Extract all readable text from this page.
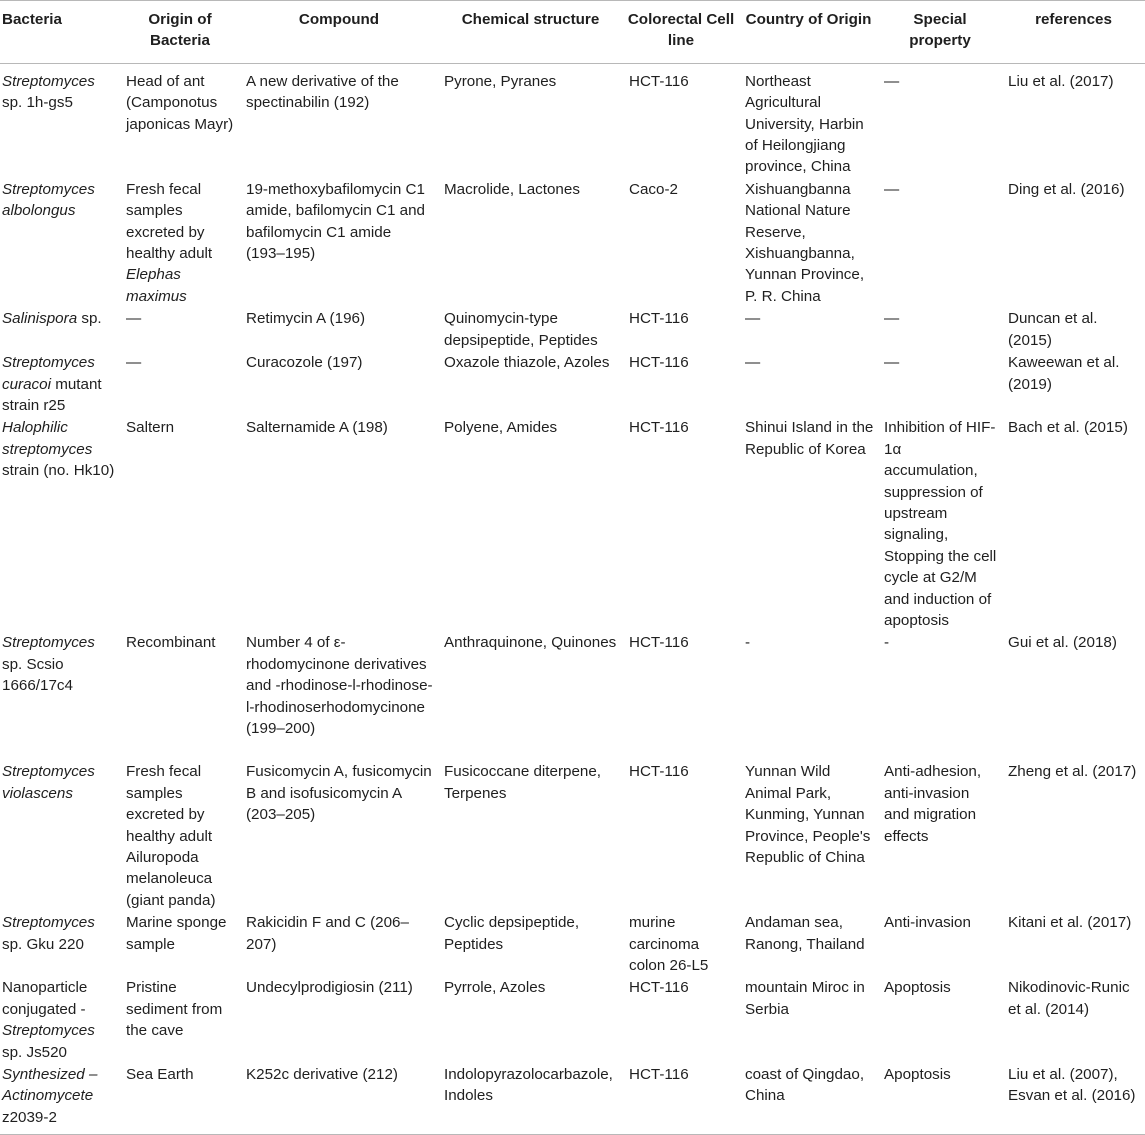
Bacteria	Origin of Bacteria	Compound	Chemical structure	Colorectal Cell line	Country of Origin	Special property	references
Streptomyces sp. 1h-gs5	Head of ant (Camponotus japonicas Mayr)	A new derivative of the spectinabilin (192)	Pyrone, Pyranes	HCT-116	Northeast Agricultural University, Harbin of Heilongjiang province, China	—	Liu et al. (2017)
Streptomyces albolongus	Fresh fecal samples excreted by healthy adult Elephas maximus	19-methoxybafilomycin C1 amide, bafilomycin C1 and bafilomycin C1 amide (193–195)	Macrolide, Lactones	Caco-2	Xishuangbanna National Nature Reserve, Xishuangbanna, Yunnan Province, P. R. China	—	Ding et al. (2016)
Salinispora sp.	—	Retimycin A (196)	Quinomycin-type depsipeptide, Peptides	HCT-116	—	—	Duncan et al. (2015)
Streptomyces curacoi mutant strain r25	—	Curacozole (197)	Oxazole thiazole, Azoles	HCT-116	—	—	Kaweewan et al. (2019)
Halophilic streptomyces strain (no. Hk10)	Saltern	Salternamide A (198)	Polyene, Amides	HCT-116	Shinui Island in the Republic of Korea	Inhibition of HIF-1α accumulation, suppression of upstream signaling, Stopping the cell cycle at G2/M and induction of apoptosis	Bach et al. (2015)
Streptomyces sp. Scsio 1666/17c4	Recombinant	Number 4 of ε-rhodomycinone derivatives and -rhodinose-l-rhodinose-l-rhodinoserhodomycinone (199–200)	Anthraquinone, Quinones	HCT-116	-	-	Gui et al. (2018)
Streptomyces violascens	Fresh fecal samples excreted by healthy adult Ailuropoda melanoleuca (giant panda)	Fusicomycin A, fusicomycin B and isofusicomycin A (203–205)	Fusicoccane diterpene, Terpenes	HCT-116	Yunnan Wild Animal Park, Kunming, Yunnan Province, People's Republic of China	Anti-adhesion, anti-invasion and migration effects	Zheng et al. (2017)
Streptomyces sp. Gku 220	Marine sponge sample	Rakicidin F and C (206–207)	Cyclic depsipeptide, Peptides	murine carcinoma colon 26-L5	Andaman sea, Ranong, Thailand	Anti-invasion	Kitani et al. (2017)
Nanoparticle conjugated -Streptomyces sp. Js520	Pristine sediment from the cave	Undecylprodigiosin (211)	Pyrrole, Azoles	HCT-116	mountain Miroc in Serbia	Apoptosis	Nikodinovic-Runic et al. (2014)
Synthesized –Actinomycete z2039-2	Sea Earth	K252c derivative (212)	Indolopyrazolocarbazole, Indoles	HCT-116	coast of Qingdao, China	Apoptosis	Liu et al. (2007), Esvan et al. (2016)
